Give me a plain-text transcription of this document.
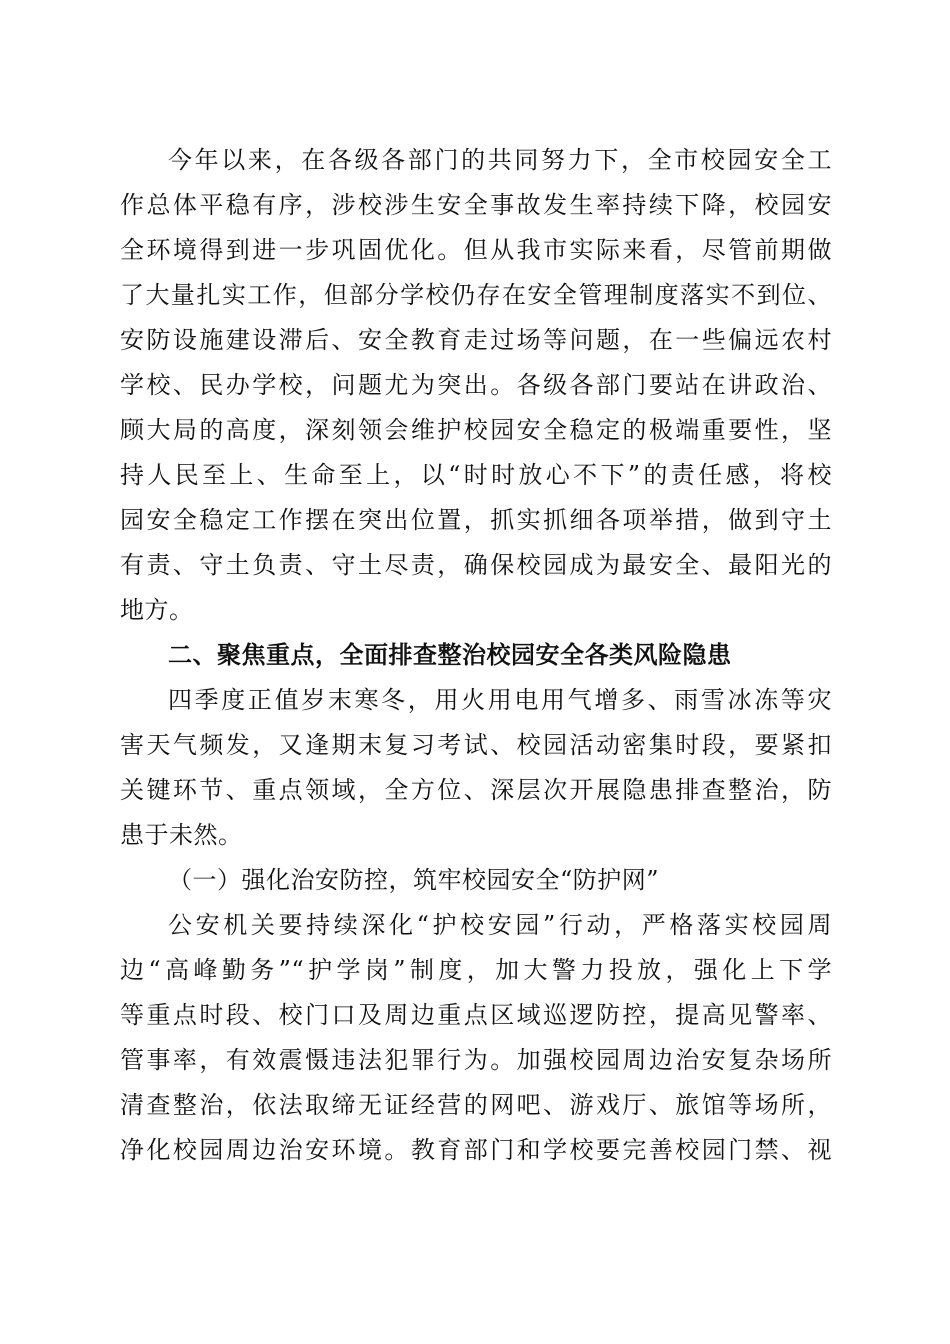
今年以来，在各级各部门的共同努力下，全市校园安全工
作总体平稳有序，涉校涉生安全事故发生率持续下降，校园安
全环境得到进一步巩固优化。但从我市实际来看，尽管前期做
了大量扎实工作，但部分学校仍存在安全管理制度落实不到位、
安防设施建设滞后、安全教育走过场等问题，在一些偏远农村
学校、民办学校，问题尤为突出。各级各部门要站在讲政治、
顾大局的高度，深刻领会维护校园安全稳定的极端重要性，坚
持人民至上、生命至上，以“时时放心不下”的责任感，将校
园安全稳定工作摆在突出位置，抓实抓细各项举措，做到守土
有责、守土负责、守土尽责，确保校园成为最安全、最阳光的
地方。
二、聚焦重点，全面排查整治校园安全各类风险隐患
四季度正值岁末寒冬，用火用电用气增多、雨雪冰冻等灾
害天气频发，又逢期末复习考试、校园活动密集时段，要紧扣
关键环节、重点领域，全方位、深层次开展隐患排查整治，防
患于未然。
（一）强化治安防控，筑牢校园安全“防护网”
公安机关要持续深化“护校安园”行动，严格落实校园周
边“高峰勤务”“护学岗”制度，加大警力投放，强化上下学
等重点时段、校门口及周边重点区域巡逻防控，提高见警率、
管事率，有效震慑违法犯罪行为。加强校园周边治安复杂场所
清查整治，依法取缔无证经营的网吧、游戏厅、旅馆等场所，
净化校园周边治安环境。教育部门和学校要完善校园门禁、视
